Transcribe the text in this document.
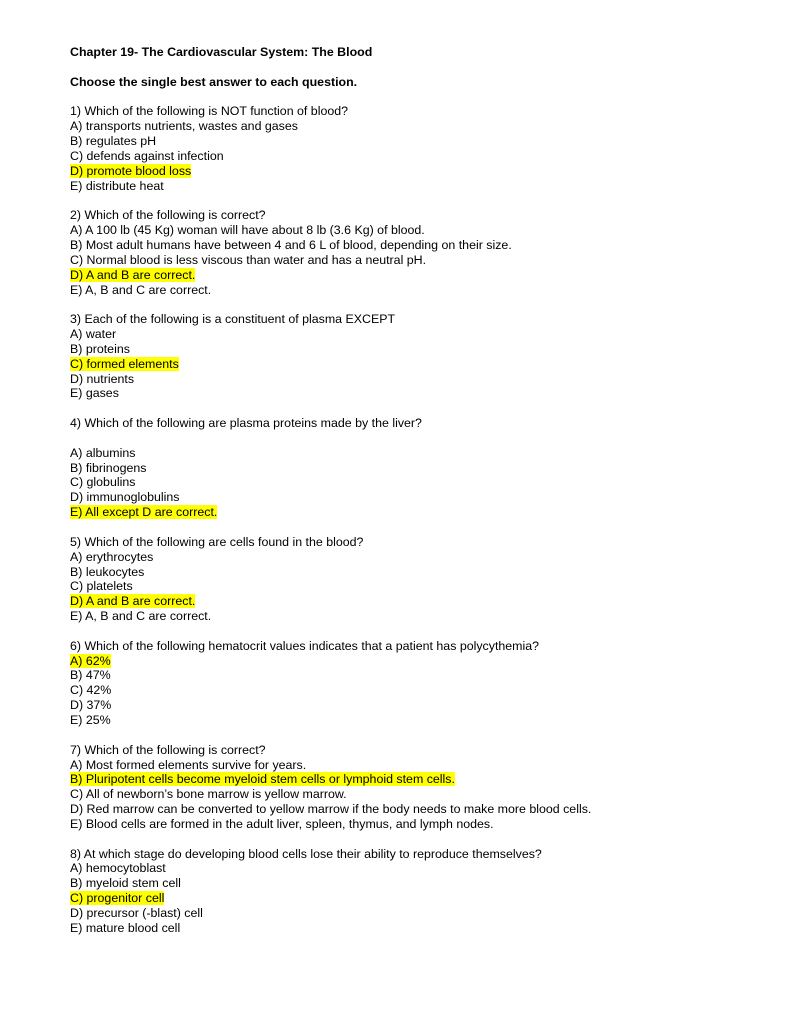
Chapter 19- The Cardiovascular System: The Blood
Choose the single best answer to each question.
1) Which of the following is NOT function of blood?
A) transports nutrients, wastes and gases
B) regulates pH
C) defends against infection
D) promote blood loss
E) distribute heat
2) Which of the following is correct?
A) A 100 lb (45 Kg) woman will have about 8 lb (3.6 Kg) of blood.
B) Most adult humans have between 4 and 6 L of blood, depending on their size.
C) Normal blood is less viscous than water and has a neutral pH.
D) A and B are correct.
E) A, B and C are correct.
3) Each of the following is a constituent of plasma EXCEPT
A) water
B) proteins
C) formed elements
D) nutrients
E) gases
4) Which of the following are plasma proteins made by the liver?
A) albumins
B) fibrinogens
C) globulins
D) immunoglobulins
E) All except D are correct.
5) Which of the following are cells found in the blood?
A) erythrocytes
B) leukocytes
C) platelets
D) A and B are correct.
E) A, B and C are correct.
6) Which of the following hematocrit values indicates that a patient has polycythemia?
A) 62%
B) 47%
C) 42%
D) 37%
E) 25%
7) Which of the following is correct?
A) Most formed elements survive for years.
B) Pluripotent cells become myeloid stem cells or lymphoid stem cells.
C) All of newborn’s bone marrow is yellow marrow.
D) Red marrow can be converted to yellow marrow if the body needs to make more blood cells.
E) Blood cells are formed in the adult liver, spleen, thymus, and lymph nodes.
8) At which stage do developing blood cells lose their ability to reproduce themselves?
A) hemocytoblast
B) myeloid stem cell
C) progenitor cell
D) precursor (-blast) cell
E) mature blood cell
